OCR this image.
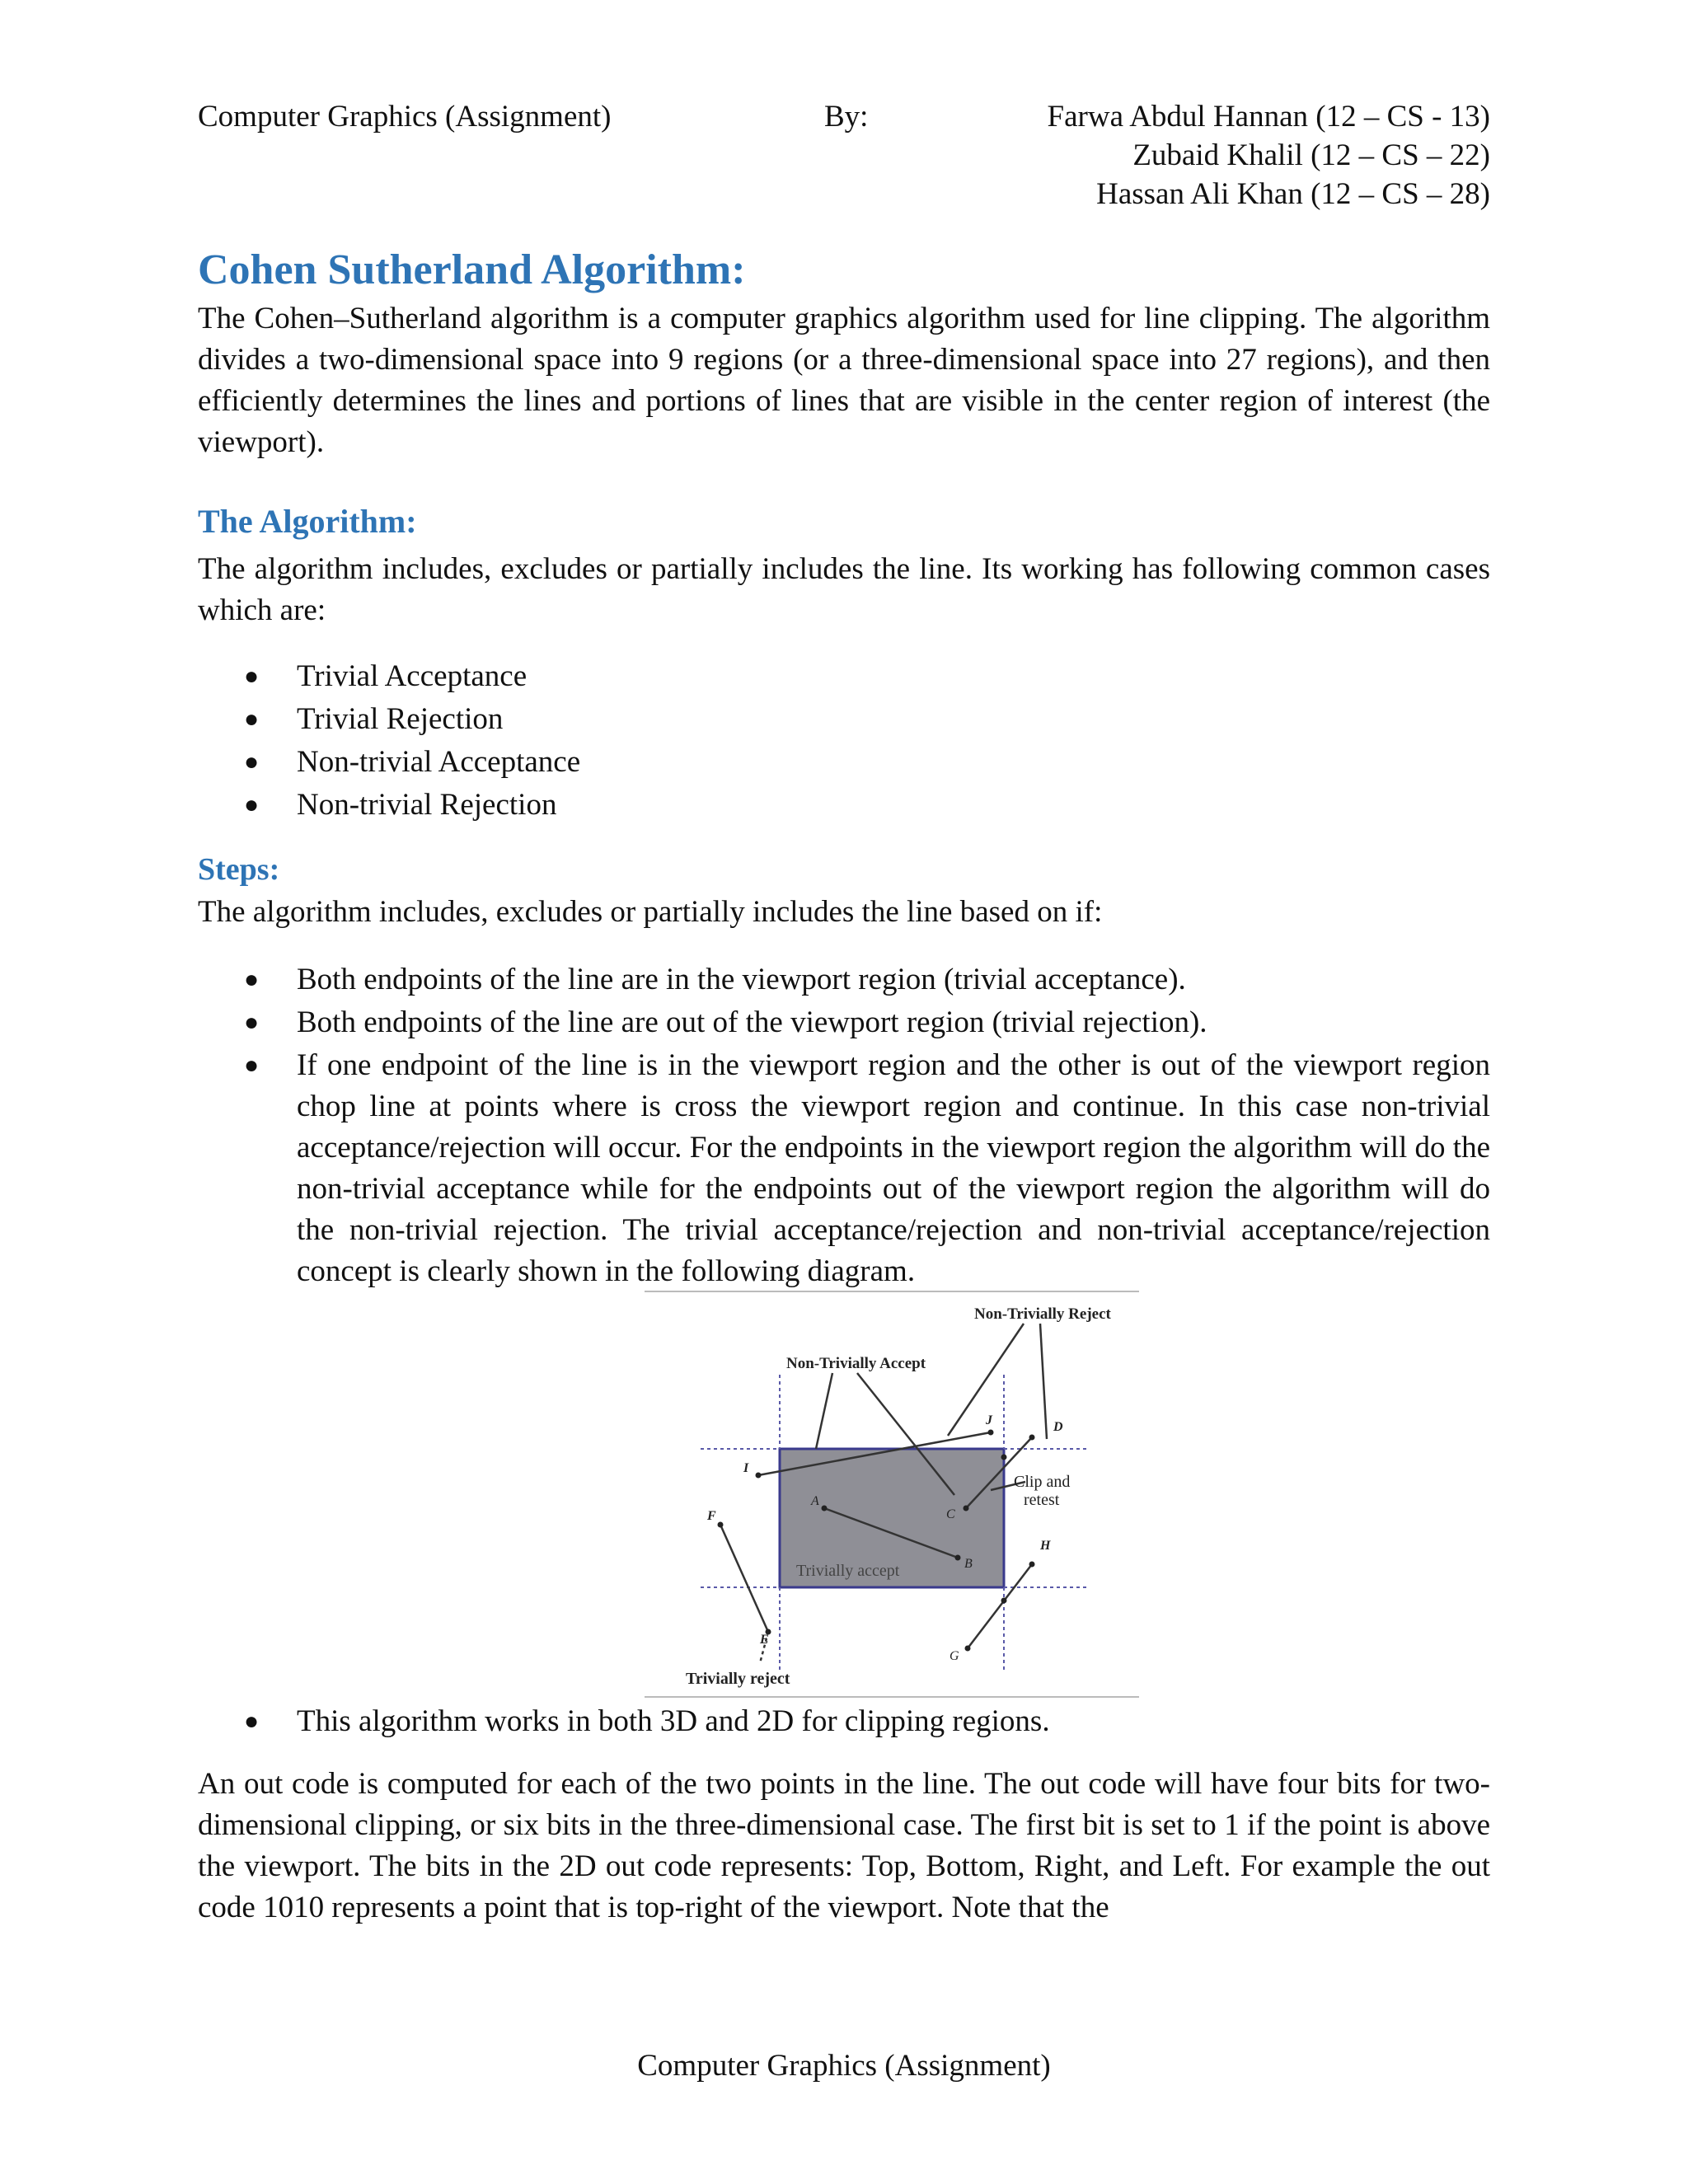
Computer Graphics (Assignment)	By:	Farwa Abdul Hannan (12 – CS - 13)
Zubaid Khalil (12 – CS – 22)
Hassan Ali Khan (12 – CS – 28)
Cohen Sutherland Algorithm:

The Cohen–Sutherland algorithm is a computer graphics algorithm used for line clipping. The algorithm divides a two-dimensional space into 9 regions (or a three-dimensional space into 27 regions), and then efficiently determines the lines and portions of lines that are visible in the center region of interest (the viewport).

The Algorithm:

The algorithm includes, excludes or partially includes the line. Its working has following common cases which are:

● Trivial Acceptance
● Trivial Rejection
● Non-trivial Acceptance
● Non-trivial Rejection
Steps:

The algorithm includes, excludes or partially includes the line based on if:

● Both endpoints of the line are in the viewport region (trivial acceptance).
● Both endpoints of the line are out of the viewport region (trivial rejection).
● If one endpoint of the line is in the viewport region and the other is out of the viewport region chop line at points where is cross the viewport region and continue. In this case non-trivial acceptance/rejection will occur. For the endpoints in the viewport region the algorithm will do the non-trivial acceptance while for the endpoints out of the viewport region the algorithm will do the non-trivial rejection. The trivial acceptance/rejection and non-trivial acceptance/rejection concept is clearly shown in the following diagram.
Non-Trivially Reject
Non-Trivially Accept
Clip and
retest
Trivially accept
Trivially reject
A
B
C
D
E
F
G
H
I
J
● This algorithm works in both 3D and 2D for clipping regions.

An out code is computed for each of the two points in the line. The out code will have four bits for two-dimensional clipping, or six bits in the three-dimensional case. The first bit is set to 1 if the point is above the viewport. The bits in the 2D out code represents: Top, Bottom, Right, and Left. For example the out code 1010 represents a point that is top-right of the viewport. Note that the

Computer Graphics (Assignment)
